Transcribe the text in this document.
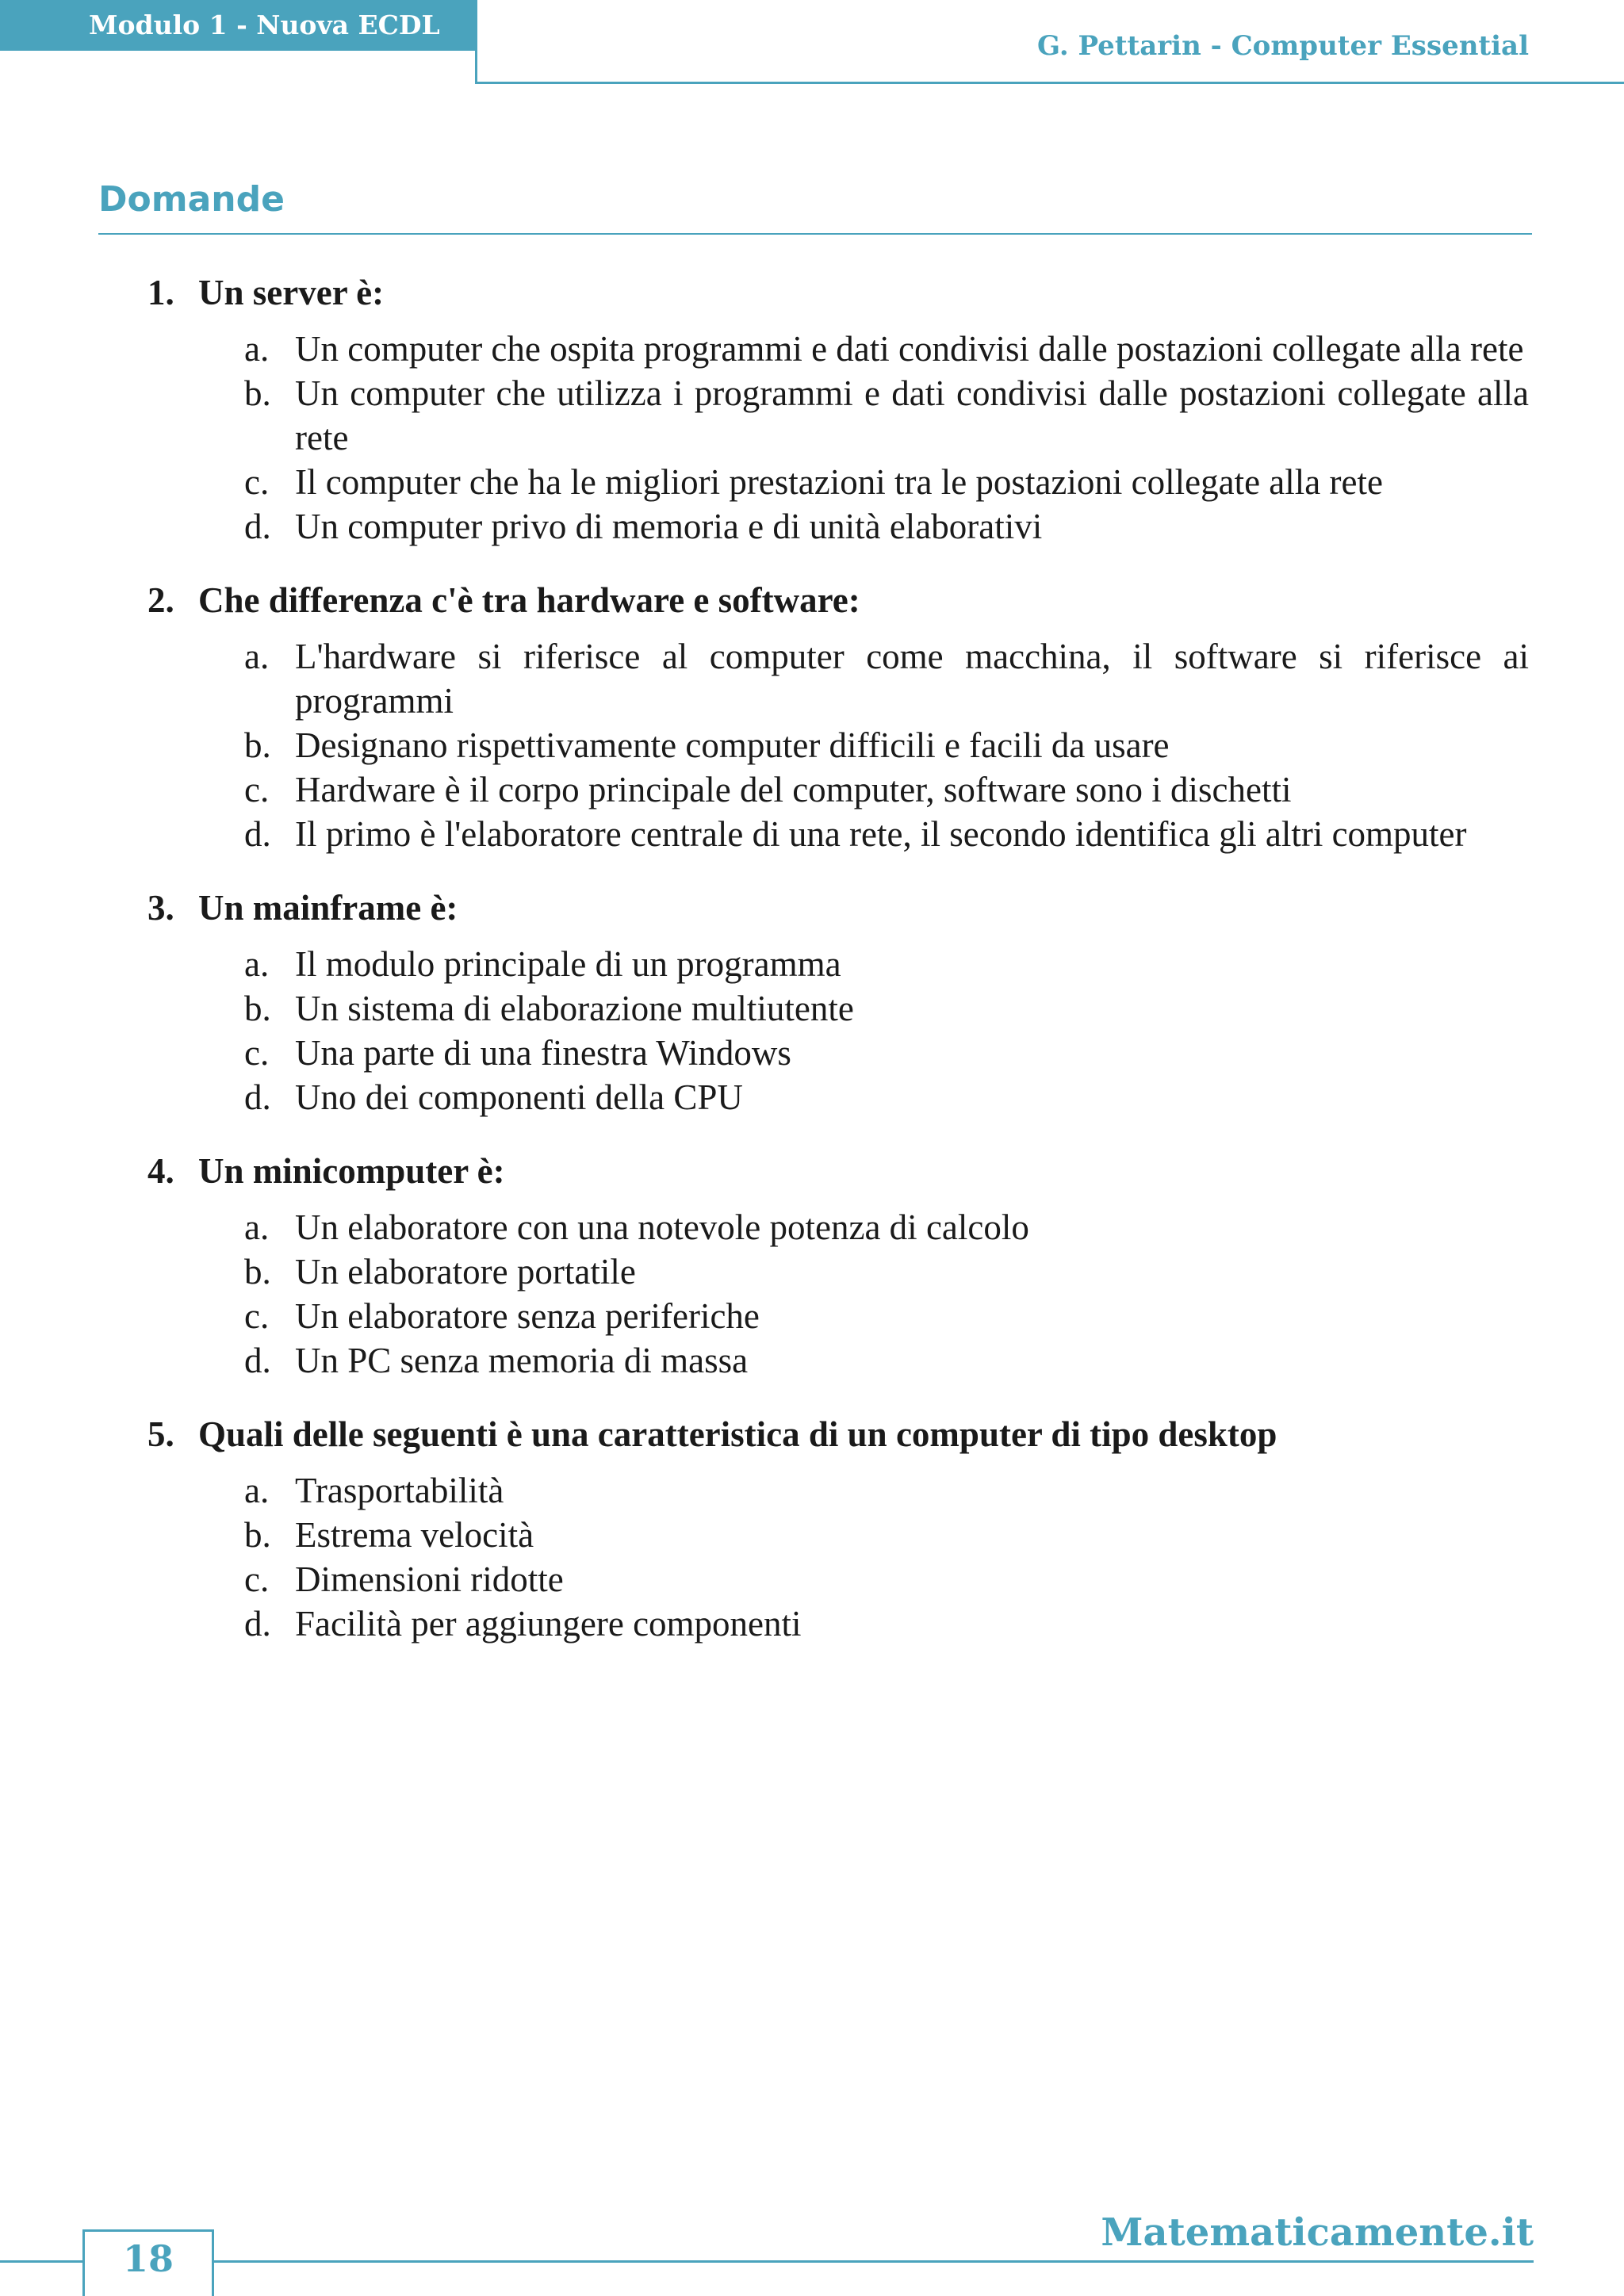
Modulo 1 - Nuova ECDL
G. Pettarin - Computer Essential
Domande
1. Un server è:
a. Un computer che ospita programmi e dati condivisi dalle postazioni collegate alla rete
b. Un computer che utilizza i programmi e dati condivisi dalle postazioni collegate alla rete
c. Il computer che ha le migliori prestazioni tra le postazioni collegate alla rete
d. Un computer privo di memoria e di unità elaborativi
2. Che differenza c'è tra hardware e software:
a. L'hardware si riferisce al computer come macchina, il software si riferisce ai programmi
b. Designano rispettivamente computer difficili e facili da usare
c. Hardware è il corpo principale del computer, software sono i dischetti
d. Il primo è l'elaboratore centrale di una rete, il secondo identifica gli altri computer
3. Un mainframe è:
a. Il modulo principale di un programma
b. Un sistema di elaborazione multiutente
c. Una parte di una finestra Windows
d. Uno dei componenti della CPU
4. Un minicomputer è:
a. Un elaboratore con una notevole potenza di calcolo
b. Un elaboratore portatile
c. Un elaboratore senza periferiche
d. Un PC senza memoria di massa
5. Quali delle seguenti è una caratteristica di un computer di tipo desktop
a. Trasportabilità
b. Estrema velocità
c. Dimensioni ridotte
d. Facilità per aggiungere componenti
Matematicamente.it
18
